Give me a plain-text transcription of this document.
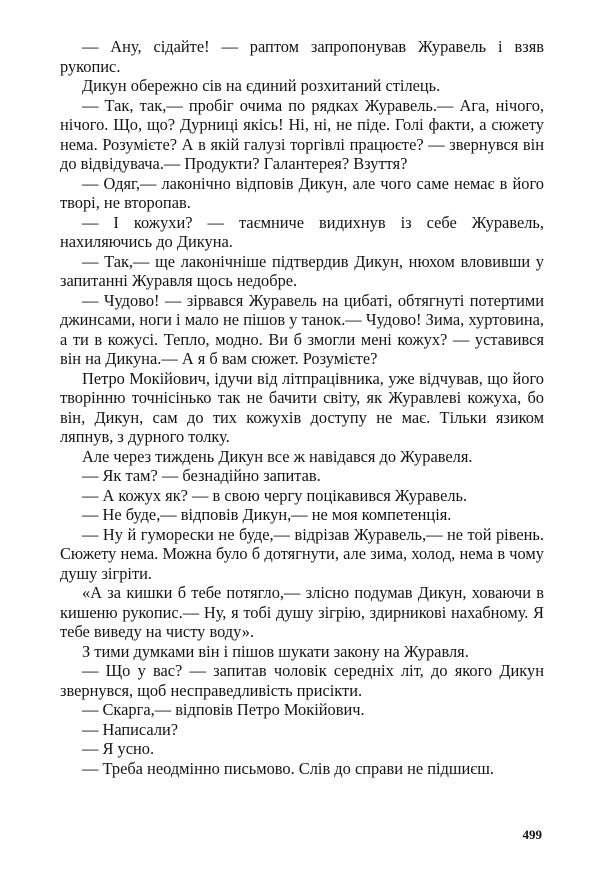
— Ану, сідайте! — раптом запропонував Журавель і взяв рукопис.

Дикун обережно сів на єдиний розхитаний стілець.

— Так, так,— пробіг очима по рядках Журавель.— Ага, нічого, нічого. Що, що? Дурниці якісь! Ні, ні, не піде. Голі факти, а сюжету нема. Розумієте? А в якій галузі торгівлі працюєте? — звернувся він до відвідувача.— Продукти? Галантерея? Взуття?

— Одяг,— лаконічно відповів Дикун, але чого саме немає в його творі, не второпав.

— І кожухи? — таємниче видихнув із себе Журавель, нахиляючись до Дикуна.

— Так,— ще лаконічніше підтвердив Дикун, нюхом вловивши у запитанні Журавля щось недобре.

— Чудово! — зірвався Журавель на цибаті, обтягнуті потертими джинсами, ноги і мало не пішов у танок.— Чудово! Зима, хуртовина, а ти в кожусі. Тепло, модно. Ви б змогли мені кожух? — уставився він на Дикуна.— А я б вам сюжет. Розумієте?

Петро Мокійович, ідучи від літпрацівника, уже відчував, що його творінню точнісінько так не бачити світу, як Журавлеві кожуха, бо він, Дикун, сам до тих кожухів доступу не має. Тільки язиком ляпнув, з дурного толку.

Але через тиждень Дикун все ж навідався до Журавеля.

— Як там? — безнадійно запитав.

— А кожух як? — в свою чергу поцікавився Журавель.

— Не буде,— відповів Дикун,— не моя компетенція.

— Ну й гуморески не буде,— відрізав Журавель,— не той рівень. Сюжету нема. Можна було б дотягнути, але зима, холод, нема в чому душу зігріти.

«А за кишки б тебе потягло,— злісно подумав Дикун, ховаючи в кишеню рукопис.— Ну, я тобі душу зігрію, здирникові нахабному. Я тебе виведу на чисту воду».

З тими думками він і пішов шукати закону на Журавля.

— Що у вас? — запитав чоловік середніх літ, до якого Дикун звернувся, щоб несправедливість присікти.

— Скарга,— відповів Петро Мокійович.

— Написали?

— Я усно.

— Треба неодмінно письмово. Слів до справи не підшиєш.

499
